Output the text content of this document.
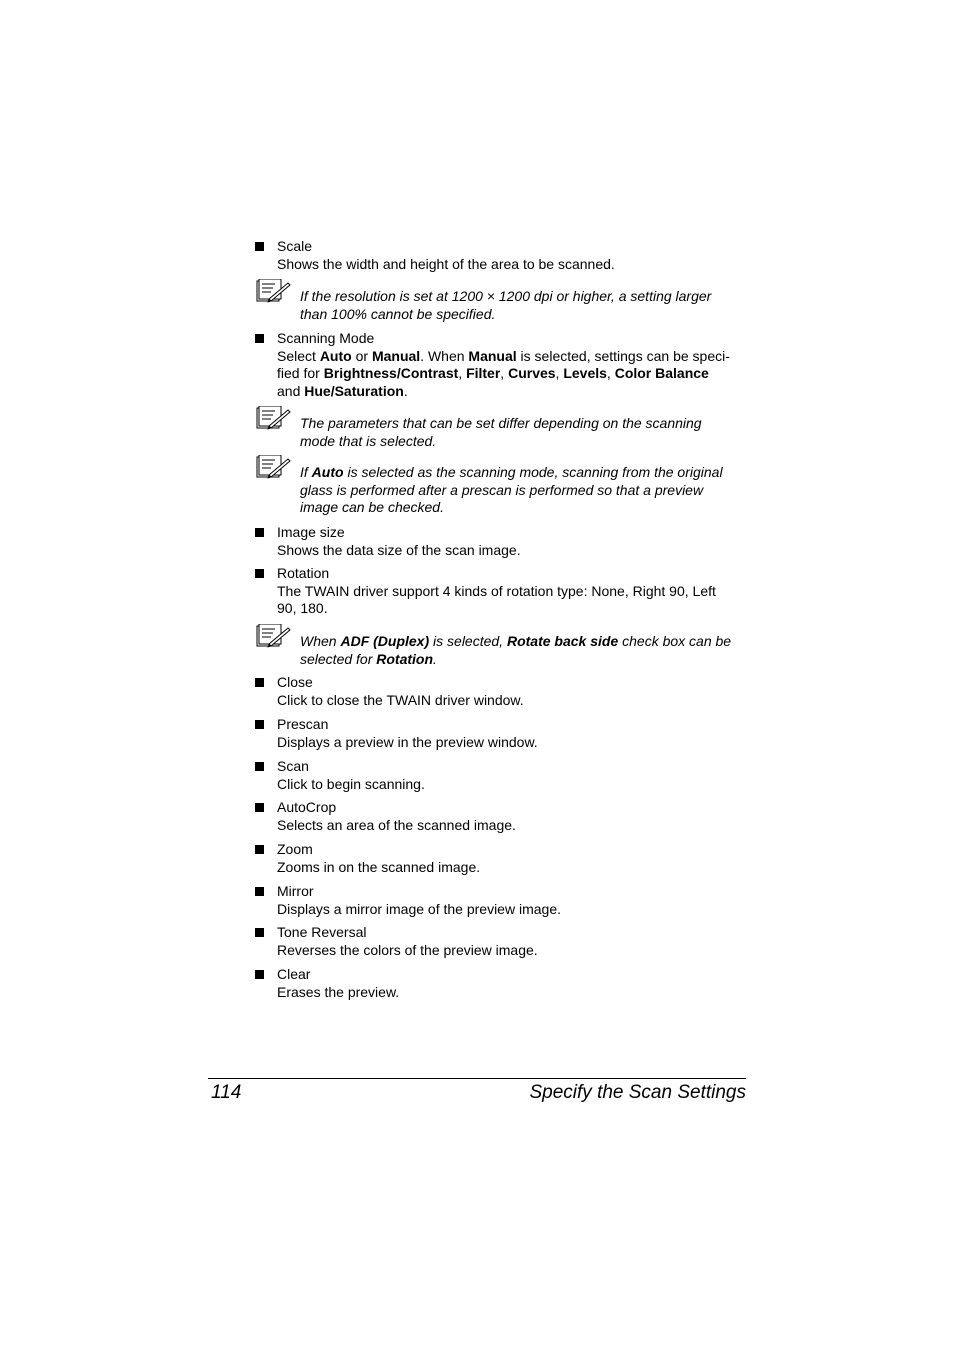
Scale
Shows the width and height of the area to be scanned.
If the resolution is set at 1200 × 1200 dpi or higher, a setting larger
than 100% cannot be specified.
Scanning Mode
Select Auto or Manual. When Manual is selected, settings can be speci-
fied for Brightness/Contrast, Filter, Curves, Levels, Color Balance
and Hue/Saturation.
The parameters that can be set differ depending on the scanning
mode that is selected.
If Auto is selected as the scanning mode, scanning from the original
glass is performed after a prescan is performed so that a preview
image can be checked.
Image size
Shows the data size of the scan image.
Rotation
The TWAIN driver support 4 kinds of rotation type: None, Right 90, Left
90, 180.
When ADF (Duplex) is selected, Rotate back side check box can be
selected for Rotation.
Close
Click to close the TWAIN driver window.
Prescan
Displays a preview in the preview window.
Scan
Click to begin scanning.
AutoCrop
Selects an area of the scanned image.
Zoom
Zooms in on the scanned image.
Mirror
Displays a mirror image of the preview image.
Tone Reversal
Reverses the colors of the preview image.
Clear
Erases the preview.
114	Specify the Scan Settings
